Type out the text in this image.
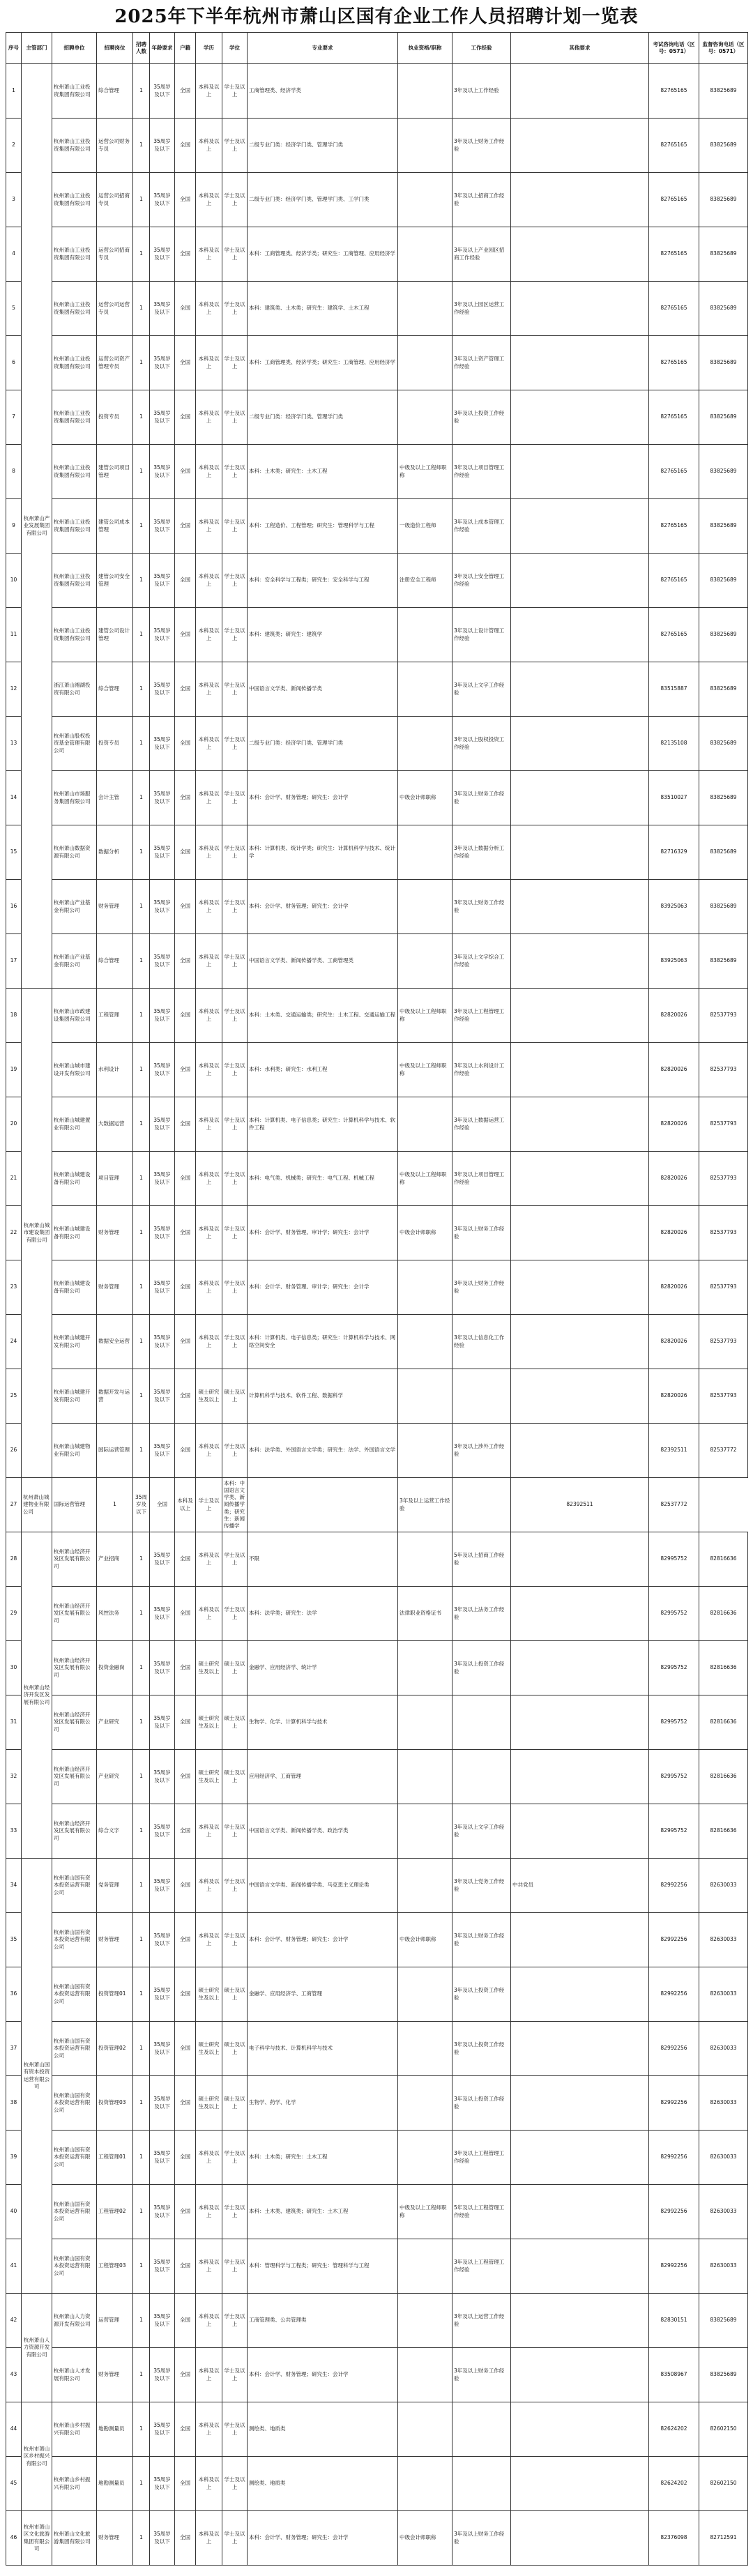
2025年下半年杭州市萧山区国有企业工作人员招聘计划一览表
序号	主管部门	招聘单位	招聘岗位	招聘人数	年龄要求	户籍	学历	学位	专业要求	执业资格/职称	工作经验	其他要求	考试咨询电话（区号：0571）	监督咨询电话（区号：0571）
1	杭州萧山产业发展集团有限公司	杭州萧山工业投资集团有限公司	综合管理	1	35周岁及以下	全国	本科及以上	学士及以上	工商管理类、经济学类		3年及以上工作经验		82765165	83825689
2		杭州萧山工业投资集团有限公司	运营公司财务专员	1	35周岁及以下	全国	本科及以上	学士及以上	二级专业门类：经济学门类、管理学门类		3年及以上财务工作经验		82765165	83825689
3		杭州萧山工业投资集团有限公司	运营公司招商专员	1	35周岁及以下	全国	本科及以上	学士及以上	二级专业门类：经济学门类、管理学门类、工学门类		3年及以上招商工作经验		82765165	83825689
4		杭州萧山工业投资集团有限公司	运营公司招商专员	1	35周岁及以下	全国	本科及以上	学士及以上	本科：工商管理类、经济学类；研究生：工商管理、应用经济学		3年及以上产业园区招商工作经验		82765165	83825689
5		杭州萧山工业投资集团有限公司	运营公司运营专员	1	35周岁及以下	全国	本科及以上	学士及以上	本科：建筑类、土木类；研究生：建筑学、土木工程		3年及以上园区运营工作经验		82765165	83825689
6		杭州萧山工业投资集团有限公司	运营公司资产管理专员	1	35周岁及以下	全国	本科及以上	学士及以上	本科：工商管理类、经济学类；研究生：工商管理、应用经济学		3年及以上资产管理工作经验		82765165	83825689
7		杭州萧山工业投资集团有限公司	投资专员	1	35周岁及以下	全国	本科及以上	学士及以上	二级专业门类：经济学门类、管理学门类		3年及以上投资工作经验		82765165	83825689
8		杭州萧山工业投资集团有限公司	建管公司项目管理	1	35周岁及以下	全国	本科及以上	学士及以上	本科：土木类；研究生：土木工程	中级及以上工程师职称	3年及以上项目管理工作经验		82765165	83825689
9		杭州萧山工业投资集团有限公司	建管公司成本管理	1	35周岁及以下	全国	本科及以上	学士及以上	本科：工程造价、工程管理；研究生：管理科学与工程	一级造价工程师	3年及以上成本管理工作经验		82765165	83825689
10		杭州萧山工业投资集团有限公司	建管公司安全管理	1	35周岁及以下	全国	本科及以上	学士及以上	本科：安全科学与工程类；研究生：安全科学与工程	注册安全工程师	3年及以上安全管理工作经验		82765165	83825689
11		杭州萧山工业投资集团有限公司	建管公司设计管理	1	35周岁及以下	全国	本科及以上	学士及以上	本科：建筑类；研究生：建筑学		3年及以上设计管理工作经验		82765165	83825689
12		浙江萧山湘湖投资有限公司	综合管理	1	35周岁及以下	全国	本科及以上	学士及以上	中国语言文学类、新闻传播学类		3年及以上文字工作经验		83515887	83825689
13		杭州萧山股权投资基金管理有限公司	投资专员	1	35周岁及以下	全国	本科及以上	学士及以上	二级专业门类：经济学门类、管理学门类		3年及以上股权投资工作经验		82135108	83825689
14		杭州萧山市场服务集团有限公司	会计主管	1	35周岁及以下	全国	本科及以上	学士及以上	本科：会计学、财务管理；研究生：会计学	中级会计师职称	3年及以上财务工作经验		83510027	83825689
15		杭州萧山数据资源有限公司	数据分析	1	35周岁及以下	全国	本科及以上	学士及以上	本科：计算机类、统计学类；研究生：计算机科学与技术、统计学		3年及以上数据分析工作经验		82716329	83825689
16		杭州萧山产业基金有限公司	财务管理	1	35周岁及以下	全国	本科及以上	学士及以上	本科：会计学、财务管理；研究生：会计学		3年及以上财务工作经验		83925063	83825689
17		杭州萧山产业基金有限公司	综合管理	1	35周岁及以下	全国	本科及以上	学士及以上	中国语言文学类、新闻传播学类、工商管理类		3年及以上文字综合工作经验		83925063	83825689
18	杭州萧山城市建设集团有限公司	杭州萧山市政建设集团有限公司	工程管理	1	35周岁及以下	全国	本科及以上	学士及以上	本科：土木类、交通运输类；研究生：土木工程、交通运输工程	中级及以上工程师职称	3年及以上工程管理工作经验		82820026	82537793
19		杭州萧山城市建设开发有限公司	水利设计	1	35周岁及以下	全国	本科及以上	学士及以上	本科：水利类；研究生：水利工程	中级及以上工程师职称	3年及以上水利设计工作经验		82820026	82537793
20		杭州萧山城建置业有限公司	大数据运营	1	35周岁及以下	全国	本科及以上	学士及以上	本科：计算机类、电子信息类；研究生：计算机科学与技术、软件工程		3年及以上数据运营工作经验		82820026	82537793
21		杭州萧山城建设备有限公司	项目管理	1	35周岁及以下	全国	本科及以上	学士及以上	本科：电气类、机械类；研究生：电气工程、机械工程	中级及以上工程师职称	3年及以上项目管理工作经验		82820026	82537793
22		杭州萧山城建设备有限公司	财务管理	1	35周岁及以下	全国	本科及以上	学士及以上	本科：会计学、财务管理、审计学；研究生：会计学	中级会计师职称	3年及以上财务工作经验		82820026	82537793
23		杭州萧山城建设备有限公司	财务管理	1	35周岁及以下	全国	本科及以上	学士及以上	本科：会计学、财务管理、审计学；研究生：会计学		3年及以上财务工作经验		82820026	82537793
24		杭州萧山城建开发有限公司	数据安全运营	1	35周岁及以下	全国	本科及以上	学士及以上	本科：计算机类、电子信息类；研究生：计算机科学与技术、网络空间安全		3年及以上信息化工作经验		82820026	82537793
25		杭州萧山城建开发有限公司	数据开发与运营	1	35周岁及以下	全国	硕士研究生及以上	硕士及以上	计算机科学与技术、软件工程、数据科学				82820026	82537793
26		杭州萧山城建物业有限公司	国际运营管理	1	35周岁及以下	全国	本科及以上	学士及以上	本科：法学类、外国语言文学类；研究生：法学、外国语言文学		3年及以上涉外工作经验		82392511	82537772
27	杭州萧山城建物业有限公司	国际运营管理	1	35周岁及以下	全国	本科及以上	学士及以上	本科：中国语言文学类、新闻传播学类；研究生：新闻传播学		3年及以上运营工作经验		82392511	82537772	
28	杭州萧山经济开发区发展有限公司	杭州萧山经济开发区发展有限公司	产业招商	1	35周岁及以下	全国	本科及以上	学士及以上	不限		5年及以上招商工作经验		82995752	82816636
29		杭州萧山经济开发区发展有限公司	风控法务	1	35周岁及以下	全国	本科及以上	学士及以上	本科：法学类；研究生：法学	法律职业资格证书	3年及以上法务工作经验		82995752	82816636
30		杭州萧山经济开发区发展有限公司	投资金融岗	1	35周岁及以下	全国	硕士研究生及以上	硕士及以上	金融学、应用经济学、统计学		3年及以上投资工作经验		82995752	82816636
31		杭州萧山经济开发区发展有限公司	产业研究	1	35周岁及以下	全国	硕士研究生及以上	硕士及以上	生物学、化学、计算机科学与技术				82995752	82816636
32		杭州萧山经济开发区发展有限公司	产业研究	1	35周岁及以下	全国	硕士研究生及以上	硕士及以上	应用经济学、工商管理				82995752	82816636
33		杭州萧山经济开发区发展有限公司	综合文字	1	35周岁及以下	全国	本科及以上	学士及以上	中国语言文学类、新闻传播学类、政治学类		3年及以上文字工作经验		82995752	82816636
34	杭州萧山国有资本投资运营有限公司	杭州萧山国有资本投资运营有限公司	党务管理	1	35周岁及以下	全国	本科及以上	学士及以上	中国语言文学类、新闻传播学类、马克思主义理论类		3年及以上党务工作经验	中共党员	82992256	82630033
35		杭州萧山国有资本投资运营有限公司	财务管理	1	35周岁及以下	全国	本科及以上	学士及以上	本科：会计学、财务管理；研究生：会计学	中级会计师职称	3年及以上财务工作经验		82992256	82630033
36		杭州萧山国有资本投资运营有限公司	投资管理01	1	35周岁及以下	全国	硕士研究生及以上	硕士及以上	金融学、应用经济学、工商管理		3年及以上投资工作经验		82992256	82630033
37		杭州萧山国有资本投资运营有限公司	投资管理02	1	35周岁及以下	全国	硕士研究生及以上	硕士及以上	电子科学与技术、计算机科学与技术		3年及以上投资工作经验		82992256	82630033
38		杭州萧山国有资本投资运营有限公司	投资管理03	1	35周岁及以下	全国	硕士研究生及以上	硕士及以上	生物学、药学、化学		3年及以上投资工作经验		82992256	82630033
39		杭州萧山国有资本投资运营有限公司	工程管理01	1	35周岁及以下	全国	本科及以上	学士及以上	本科：土木类；研究生：土木工程		3年及以上工程管理工作经验		82992256	82630033
40		杭州萧山国有资本投资运营有限公司	工程管理02	1	35周岁及以下	全国	本科及以上	学士及以上	本科：土木类、建筑类；研究生：土木工程	中级及以上工程师职称	5年及以上工程管理工作经验		82992256	82630033
41		杭州萧山国有资本投资运营有限公司	工程管理03	1	35周岁及以下	全国	本科及以上	学士及以上	本科：管理科学与工程类；研究生：管理科学与工程		3年及以上工程管理工作经验		82992256	82630033
42	杭州萧山人力资源开发有限公司	杭州萧山人力资源开发有限公司	运营管理	1	35周岁及以下	全国	本科及以上	学士及以上	工商管理类、公共管理类		3年及以上运营工作经验		82830151	83825689
43		杭州萧山人才发展有限公司	财务管理	1	35周岁及以下	全国	本科及以上	学士及以上	本科：会计学、财务管理；研究生：会计学		3年及以上财务工作经验		83508967	83825689
44	杭州市萧山区乡村振兴有限公司	杭州萧山乡村振兴有限公司	地勘测量员	1	35周岁及以下	全国	本科及以上	学士及以上	测绘类、地质类				82624202	82602150
45		杭州萧山乡村振兴有限公司	地勘测量员	1	35周岁及以下	全国	本科及以上	学士及以上	测绘类、地质类				82624202	82602150
46	杭州市萧山区文化旅游集团有限公司	杭州萧山文化旅游集团有限公司	财务管理	1	35周岁及以下	全国	本科及以上	学士及以上	本科：会计学、财务管理；研究生：会计学	中级会计师职称	3年及以上财务工作经验		82376098	82712591
